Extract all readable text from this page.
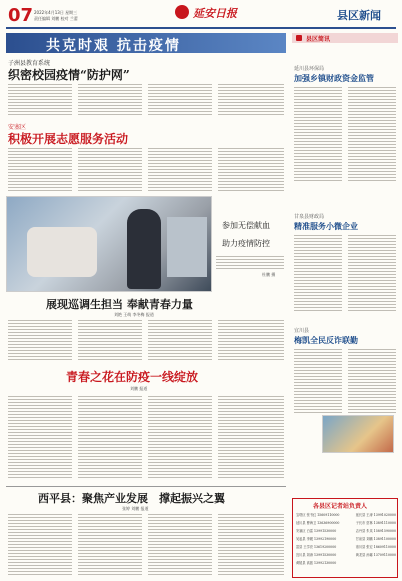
07 2022年4月13日 星期三
责任编辑 刘鹏 校对 兰蕾	延安日报	县区新闻
共克时艰 抗击疫情
子洲县教育系统
织密校园疫情“防护网”
安塞区
积极开展志愿服务活动
参加无偿献血
助力疫情防控
杜鹏 摄
展现巡调生担当 奉献青春力量
刘艳 王萌 李冬梅 报道
青春之花在防疫一线绽放
刘鹏 报道
西平县：聚焦产业发展　撑起振兴之翼
张婷 刘鹏 报道
县区简讯
延川县环保局
加强乡镇财政资金监管
甘泉县财政局
精准服务小微企业
宜川县
梅凯全民反诈联勤
各县区记者站负责人
宝塔区 张书红 15609110000	延长县 王涛 13991020000
延川县 曹海卫 13636900000	子长市 贺林 13891110000
安塞区 白雷 13991530000	志丹县 朱岚 15891590000
吴起县 李媛 13992190000	甘泉县 刘鹏 13891100000
富县 王学亮 13619200000	洛川县 张宏 18609110000
宜川县 刘涛 13991530000	黄龙县 孙娜 13709110000
黄陵县 高振 13992130000
